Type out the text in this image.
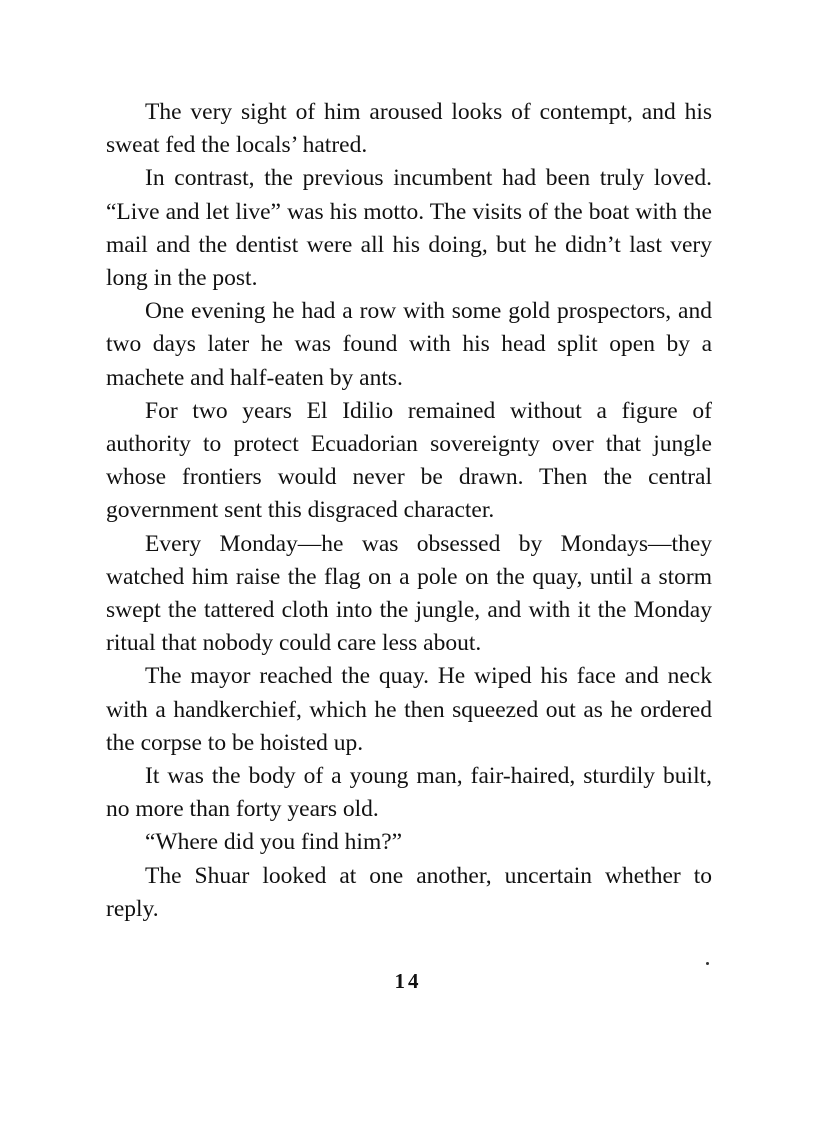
The very sight of him aroused looks of contempt, and his sweat fed the locals’ hatred.

In contrast, the previous incumbent had been truly loved. “Live and let live” was his motto. The visits of the boat with the mail and the dentist were all his doing, but he didn’t last very long in the post.

One evening he had a row with some gold prospectors, and two days later he was found with his head split open by a machete and half-eaten by ants.

For two years El Idilio remained without a figure of authority to protect Ecuadorian sovereignty over that jungle whose frontiers would never be drawn. Then the central government sent this disgraced character.

Every Monday—he was obsessed by Mondays—they watched him raise the flag on a pole on the quay, until a storm swept the tattered cloth into the jungle, and with it the Monday ritual that nobody could care less about.

The mayor reached the quay. He wiped his face and neck with a handkerchief, which he then squeezed out as he ordered the corpse to be hoisted up.

It was the body of a young man, fair-haired, sturdily built, no more than forty years old.

“Where did you find him?”

The Shuar looked at one another, uncertain whether to reply.

14
